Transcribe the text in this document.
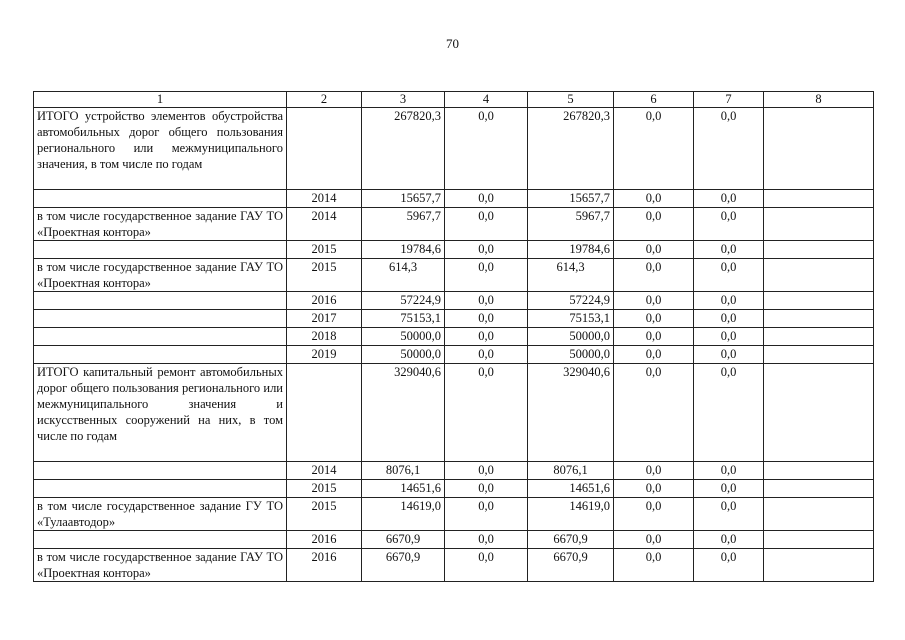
70
1	2	3	4	5	6	7	8
ИТОГО устройство элементов обустройства автомобильных дорог общего пользования регионального или межмуниципального значения, в том числе по годам		267820,3	0,0	267820,3	0,0	0,0	
	2014	15657,7	0,0	15657,7	0,0	0,0	
в том числе государственное задание ГАУ ТО «Проектная контора»	2014	5967,7	0,0	5967,7	0,0	0,0	
	2015	19784,6	0,0	19784,6	0,0	0,0	
в том числе государственное задание ГАУ ТО «Проектная контора»	2015	614,3	0,0	614,3	0,0	0,0	
	2016	57224,9	0,0	57224,9	0,0	0,0	
	2017	75153,1	0,0	75153,1	0,0	0,0	
	2018	50000,0	0,0	50000,0	0,0	0,0	
	2019	50000,0	0,0	50000,0	0,0	0,0	
ИТОГО капитальный ремонт автомобильных дорог общего пользования регионального или межмуниципального значения и искусственных сооружений на них, в том числе по годам		329040,6	0,0	329040,6	0,0	0,0	
	2014	8076,1	0,0	8076,1	0,0	0,0	
	2015	14651,6	0,0	14651,6	0,0	0,0	
в том числе государственное задание ГУ ТО «Тулаавтодор»	2015	14619,0	0,0	14619,0	0,0	0,0	
	2016	6670,9	0,0	6670,9	0,0	0,0	
в том числе государственное задание ГАУ ТО «Проектная контора»	2016	6670,9	0,0	6670,9	0,0	0,0	
